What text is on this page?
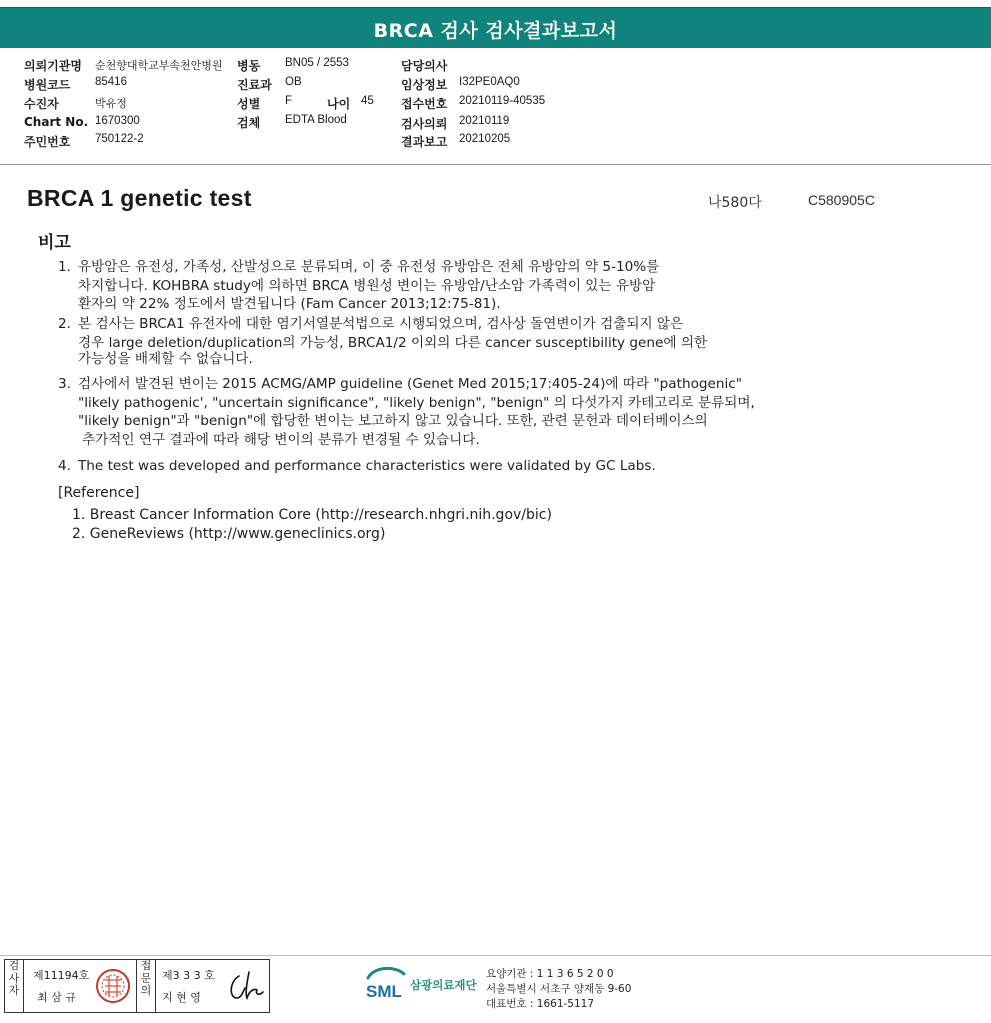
BRCA 검사 검사결과보고서
의뢰기관명 순천향대학교부속천안병원
병원코드 85416
수진자	박유정
Chart No. 1670300
주민번호 750122-2
병동 BN05 / 2553
진료과 OB
성별 F	나이 45
검체 EDTA Blood
담당의사
임상정보 I32PE0AQ0
접수번호 20210119-40535
검사의뢰 20210119
결과보고 20210205
BRCA 1 genetic test	나580다	C580905C
비고
1. 유방암은 유전성, 가족성, 산발성으로 분류되며, 이 중 유전성 유방암은 전체 유방암의 약 5-10%를
차지합니다. KOHBRA study에 의하면 BRCA 병원성 변이는 유방암/난소암 가족력이 있는 유방암
환자의 약 22% 정도에서 발견됩니다 (Fam Cancer 2013;12:75-81).
2. 본 검사는 BRCA1 유전자에 대한 염기서열분석법으로 시행되었으며, 검사상 돌연변이가 검출되지 않은
경우 large deletion/duplication의 가능성, BRCA1/2 이외의 다른 cancer susceptibility gene에 의한
가능성을 배제할 수 없습니다.
3. 검사에서 발견된 변이는 2015 ACMG/AMP guideline (Genet Med 2015;17:405-24)에 따라 "pathogenic"
"likely pathogenic', "uncertain significance", "likely benign", "benign" 의 다섯가지 카테고리로 분류되며,
"likely benign"과 "benign"에 합당한 변이는 보고하지 않고 있습니다. 또한, 관련 문헌과 데이터베이스의
추가적인 연구 결과에 따라 해당 변이의 분류가 변경될 수 있습니다.
4. The test was developed and performance characteristics were validated by GC Labs.
[Reference]
1. Breast Cancer Information Core (http://research.nhgri.nih.gov/bic)
2. GeneReviews (http://www.geneclinics.org)
검
사
자
제11194호
최 삼 규
접
문
의
제3 3 3 호
지 현 영	SML 삼광의료재단
요양기관 : 1 1 3 6 5 2 0 0
서울특별시 서초구 양재동 9-60
대표번호 : 1661-5117
